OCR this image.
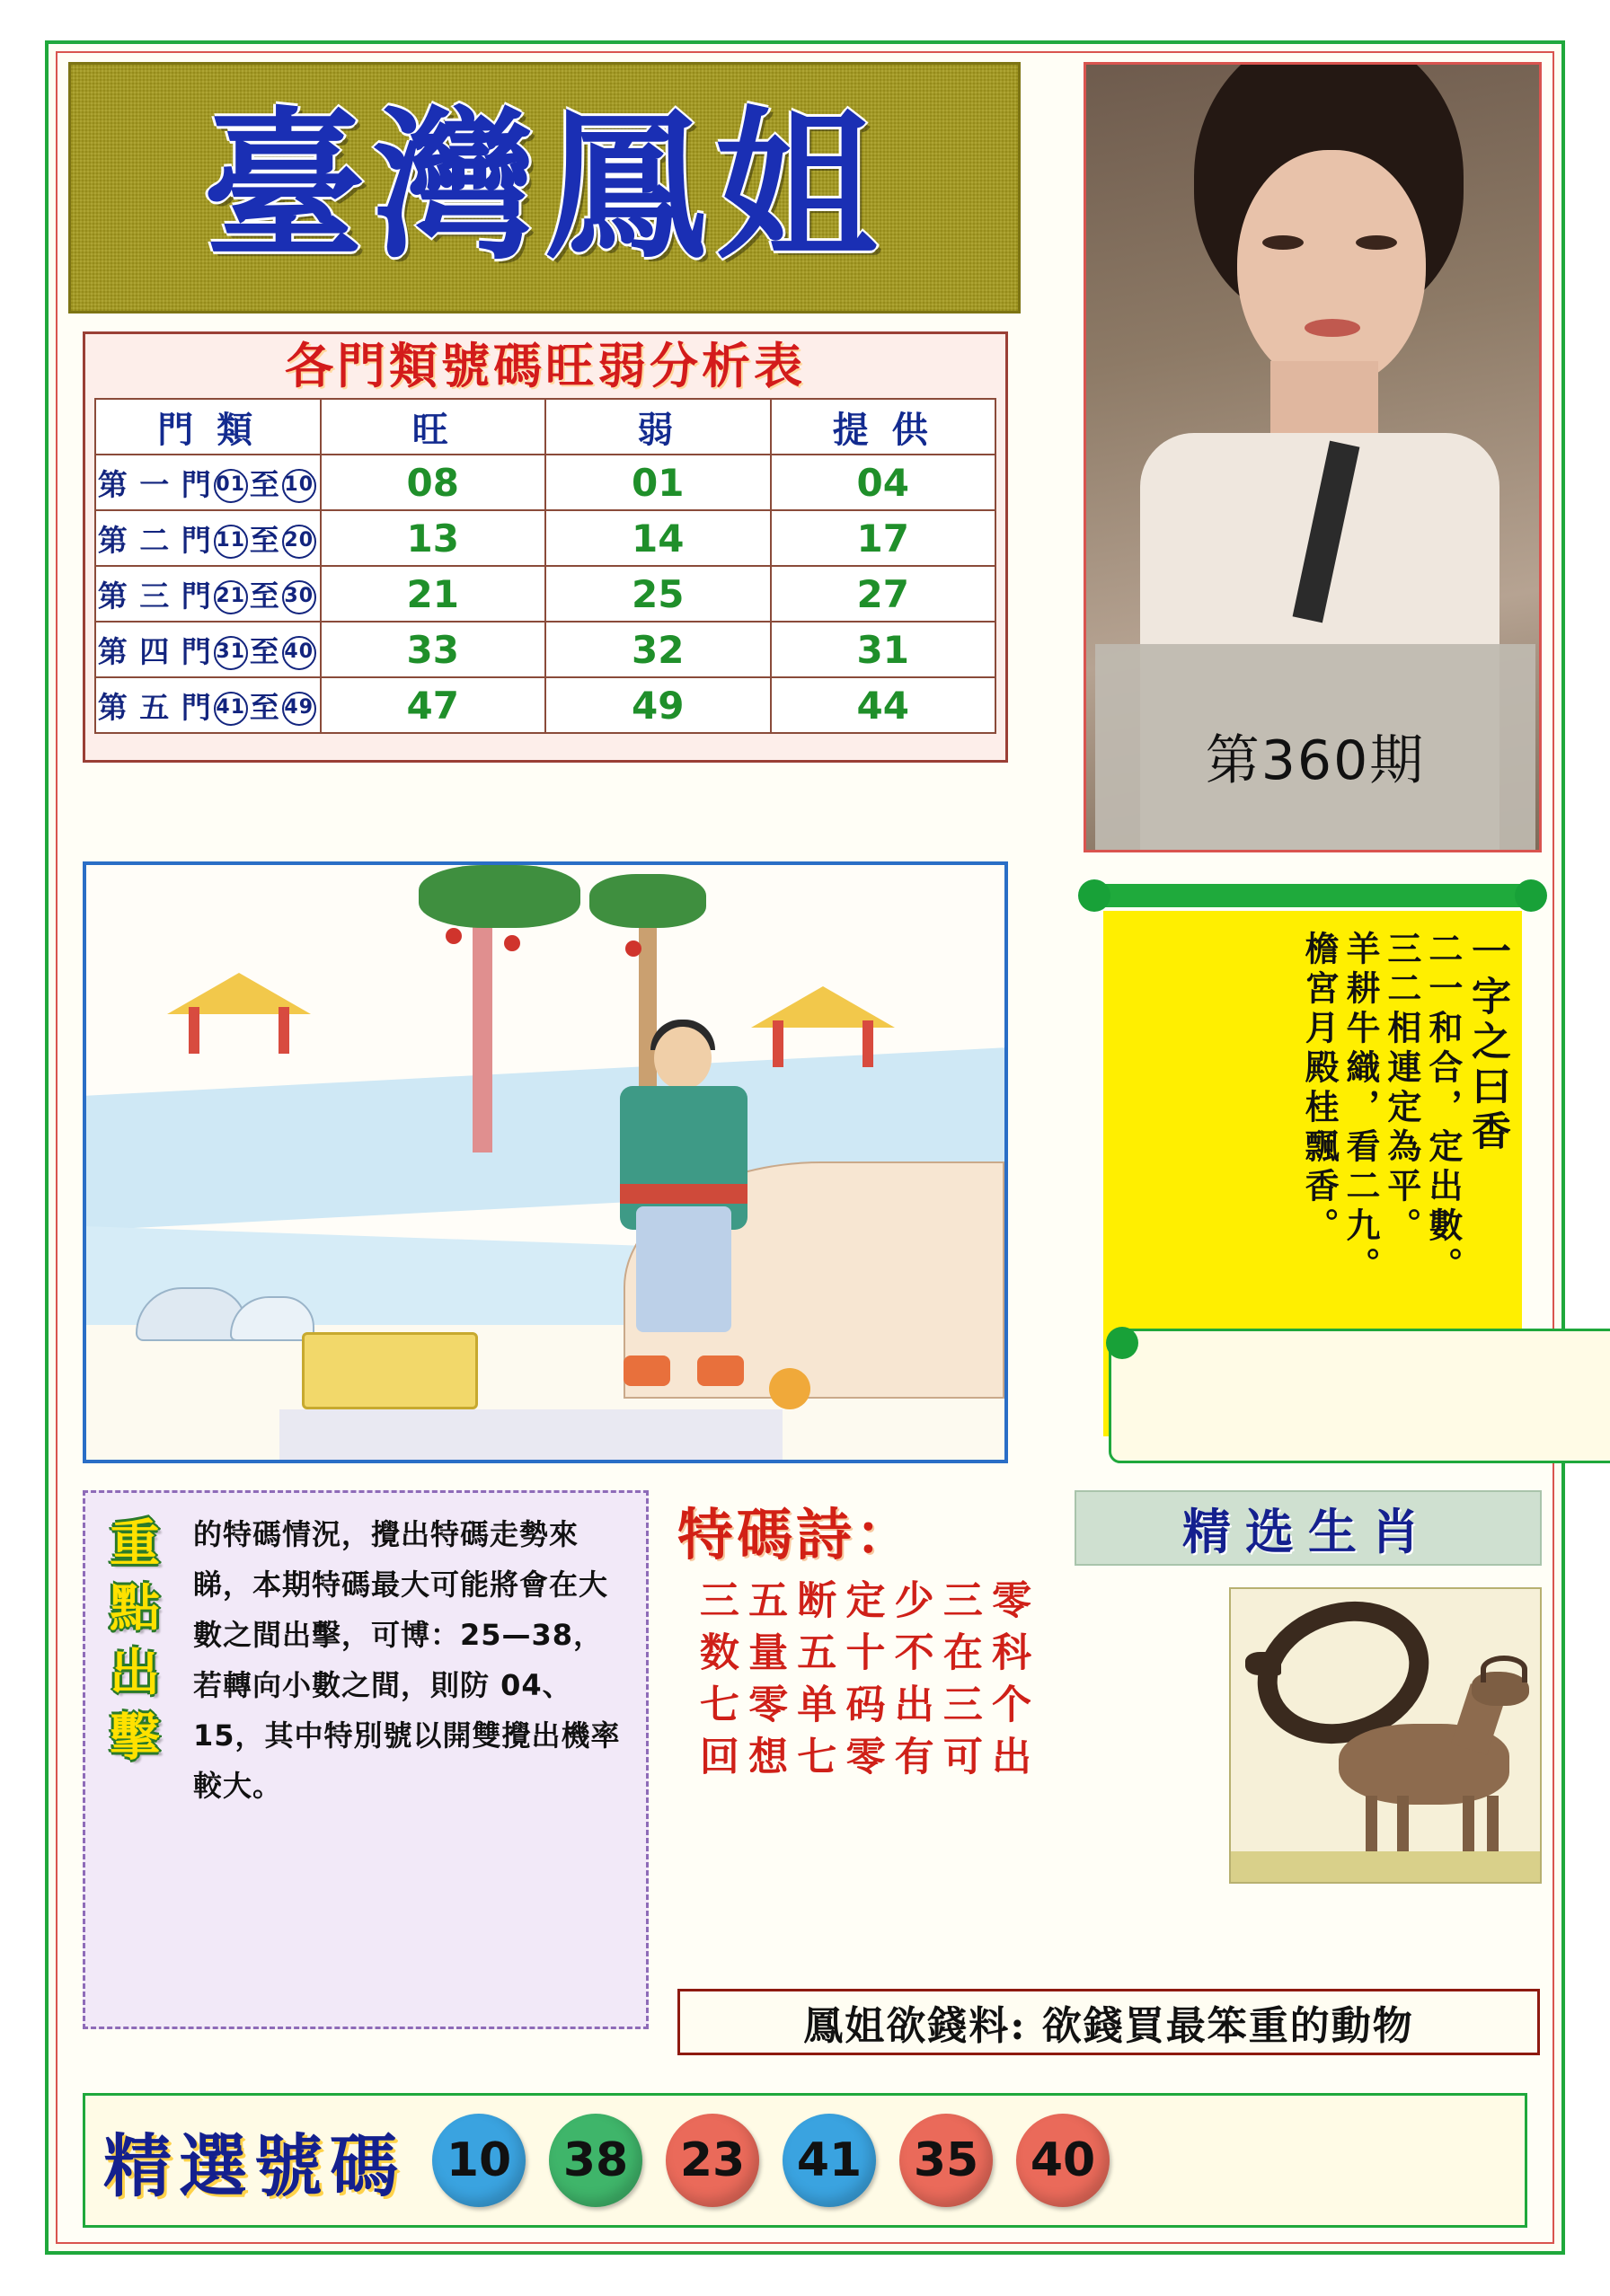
臺灣鳳姐
第360期
各門類號碼旺弱分析表
門 類	旺	弱	提 供
第 一 門 01 至 10	08	01	04
第 二 門 11 至 20	13	14	17
第 三 門 21 至 30	21	25	27
第 四 門 31 至 40	33	32	31
第 五 門 41 至 49	47	49	44
一字之曰香
二一和合，定出數。
三二相連定為平。
羊耕牛織，看二九。
檐宮月殿桂飄香。
重點出擊 的特碼情況，攪出特碼走勢來睇，本期特碼最大可能將會在大數之間出擊，可博：25—38，若轉向小數之間，則防 04、15，其中特別號以開雙攪出機率較大。
特碼詩：
零科个出
三在三可
少不出有
定十码零
断五单七
五量零想
三数七回
精选生肖
鳳姐欲錢料: 欲錢買最笨重的動物
精選號碼 10	38	23	41	35	40
